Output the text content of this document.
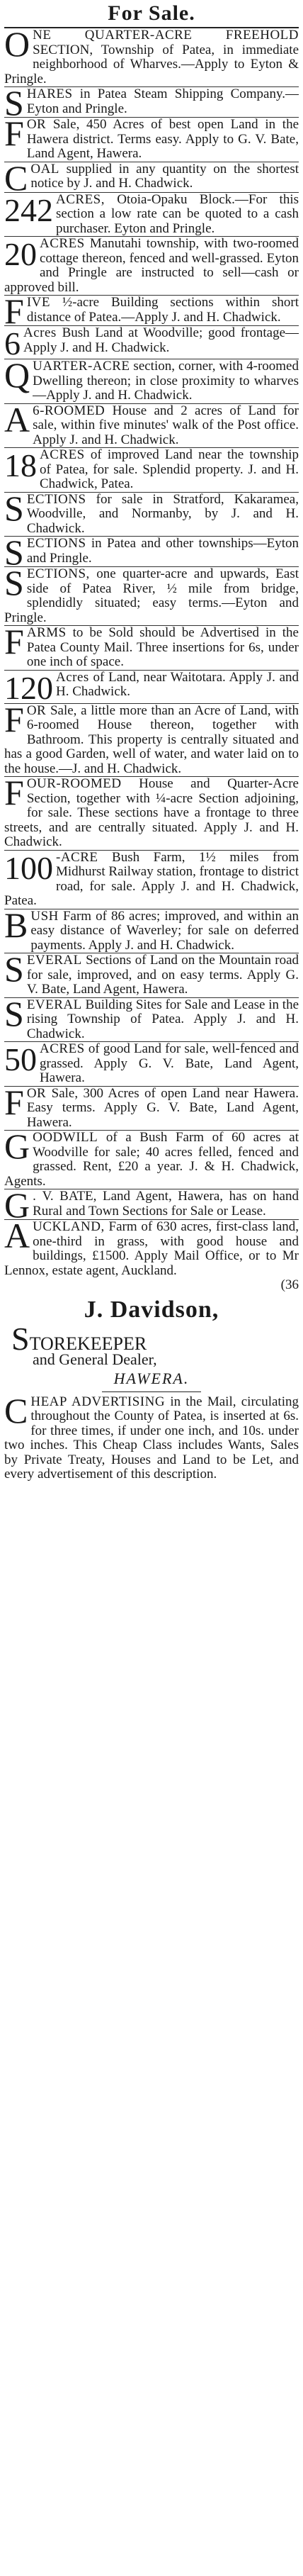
For Sale.
ONE QUARTER-ACRE FREEHOLD SECTION, Township of Patea, in immediate neighborhood of Wharves.—Apply to Eyton & Pringle.
SHARES in Patea Steam Shipping Company.—Eyton and Pringle.
FOR Sale, 450 Acres of best open Land in the Hawera district. Terms easy. Apply to G. V. Bate, Land Agent, Hawera.
COAL supplied in any quantity on the shortest notice by J. and H. Chadwick.
242 ACRES, Otoia-Opaku Block.—For this section a low rate can be quoted to a cash purchaser. Eyton and Pringle.
20 ACRES Manutahi township, with two-roomed cottage thereon, fenced and well-grassed. Eyton and Pringle are instructed to sell—cash or approved bill.
FIVE ½-acre Building sections within short distance of Patea.—Apply J. and H. Chadwick.
6 Acres Bush Land at Woodville; good frontage—Apply J. and H. Chadwick.
QUARTER-ACRE section, corner, with 4-roomed Dwelling thereon; in close proximity to wharves—Apply J. and H. Chadwick.
A 6-ROOMED House and 2 acres of Land for sale, within five minutes' walk of the Post office. Apply J. and H. Chadwick.
18 ACRES of improved Land near the township of Patea, for sale. Splendid property. J. and H. Chadwick, Patea.
SECTIONS for sale in Stratford, Kakaramea, Woodville, and Normanby, by J. and H. Chadwick.
SECTIONS in Patea and other townships—Eyton and Pringle.
SECTIONS, one quarter-acre and upwards, East side of Patea River, ½ mile from bridge, splendidly situated; easy terms.—Eyton and Pringle.
FARMS to be Sold should be Advertised in the Patea County Mail. Three insertions for 6s, under one inch of space.
120 Acres of Land, near Waitotara. Apply J. and H. Chadwick.
FOR Sale, a little more than an Acre of Land, with 6-roomed House thereon, together with Bathroom. This property is centrally situated and has a good Garden, well of water, and water laid on to the house.—J. and H. Chadwick.
FOUR-ROOMED House and Quarter-Acre Section, together with ¼-acre Section adjoining, for sale. These sections have a frontage to three streets, and are centrally situated. Apply J. and H. Chadwick.
100 -ACRE Bush Farm, 1½ miles from Midhurst Railway station, frontage to district road, for sale. Apply J. and H. Chadwick, Patea.
BUSH Farm of 86 acres; improved, and within an easy distance of Waverley; for sale on deferred payments. Apply J. and H. Chadwick.
SEVERAL Sections of Land on the Mountain road for sale, improved, and on easy terms. Apply G. V. Bate, Land Agent, Hawera.
SEVERAL Building Sites for Sale and Lease in the rising Township of Patea. Apply J. and H. Chadwick.
50 ACRES of good Land for sale, well-fenced and grassed. Apply G. V. Bate, Land Agent, Hawera.
FOR Sale, 300 Acres of open Land near Hawera. Easy terms. Apply G. V. Bate, Land Agent, Hawera.
GOODWILL of a Bush Farm of 60 acres at Woodville for sale; 40 acres felled, fenced and grassed. Rent, £20 a year. J. & H. Chadwick, Agents.
G . V. BATE, Land Agent, Hawera, has on hand Rural and Town Sections for Sale or Lease.
AUCKLAND, Farm of 630 acres, first-class land, one-third in grass, with good house and buildings, £1500. Apply Mail Office, or to Mr Lennox, estate agent, Auckland.
(36
J. Davidson,
STOREKEEPER
and General Dealer,
HAWERA.
CHEAP ADVERTISING in the Mail, circulating throughout the County of Patea, is inserted at 6s. for three times, if under one inch, and 10s. under two inches. This Cheap Class includes Wants, Sales by Private Treaty, Houses and Land to be Let, and every advertisement of this description.
